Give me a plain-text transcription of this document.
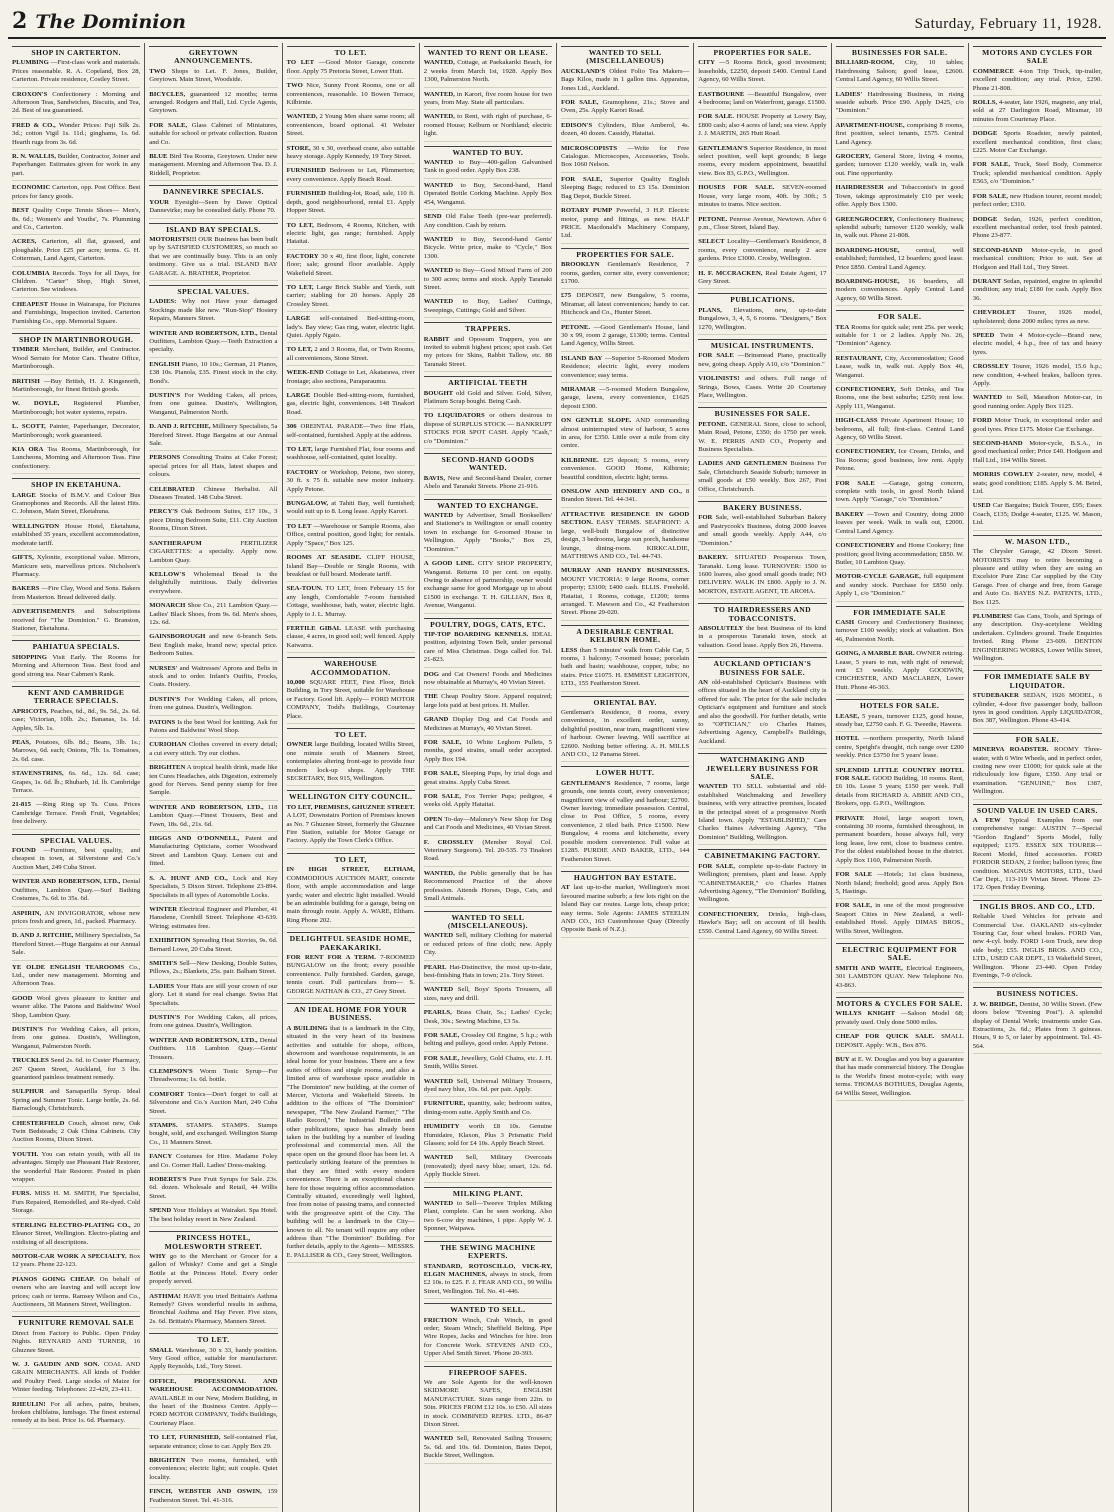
2 The Dominion	Saturday, February 11, 1928.
SHOP IN CARTERTON.
PLUMBING —First-class work and materials. Prices reasonable. R. A. Copeland, Box 28, Carterton. Private residence, Costley Street.
CROXON'S Confectionery : Morning and Afternoon Teas, Sandwiches, Biscuits, and Tea, 2d. Best of tea guaranteed.
FRED & CO., Wonder Prices: Fuji Silk 2s. 3d.; cotton Vigil 1s. 11d.; ginghams, 1s. 6d. Hearth rugs from 3s. 6d.
R. N. WALLIS, Builder, Contractor, Joiner and Paperhanger. Estimates given for work in any part.
ECONOMIC Carterton, opp. Post Office. Best prices for fancy goods.
BEST Quality Crepe Tennis Shoes— Men's, 8s. 6d.; Women's and Youths', 7s. Plumming and Co., Carterton.
ACRES, Carterton, all flat, grassed, and ploughable. Price £25 per acre; terms. G. H. Cotterman, Land Agent, Carterton.
COLUMBIA Records. Toys for all Days, for Children. "Carter" Shop, High Street, Carterton. See windows.
CHEAPEST House in Wairarapa, for Pictures and Furnishings, Inspection invited. Carterton Furnishing Co., opp. Memorial Square.
SHOP IN MARTINBOROUGH.
TIMBER Merchant, Builder, and Contractor. Wood Serrato for Motor Cars. Theatre Office, Martinborough.
BRITISH —Buy British, H. J. Kingsnorth, Martinborough, for finest British goods.
W. DOYLE, Registered Plumber, Martinborough; hot water systems, repairs.
L. SCOTT, Painter, Paperhanger, Decorator, Martinborough; work guaranteed.
KIA ORA Tea Rooms, Martinborough, for Luncheons, Morning and Afternoon Teas. Fine confectionery.
SHOP IN EKETAHUNA.
LARGE Stocks of B.M.V. and Colour Bus Gramophones and Records. All the latest Hits. C. Johnson, Main Street, Eketahuna.
WELLINGTON House Hotel, Eketahuna, established 35 years, excellent accommodation, moderate tariff.
GIFTS, Xylonite, exceptional value. Mirrors, Manicure sets, marvellous prices. Nicholson's Pharmacy.
BAKERS —Fire Clay, Wood and Sons. Bakers from Masterton. Bread delivered daily.
ADVERTISEMENTS and Subscriptions received for "The Dominion." G. Branston, Stationer, Eketahuna.
PAHIATUA SPECIALS.
SHOPPING Visit Early. The Rooms for Morning and Afternoon Teas. Best food and good strong tea. Near Cabmen's Rank.
KENT AND CAMBRIDGE TERRACE SPECIALS.
APRICOTS, Peaches, 6d., 8d., 9s. 5d., 2s. 6d. case; Victorian, 10lb. 2s.; Bananas, 1s. 1d. Apples, 5lb. 1s.
PEAS, Potatoes, 6lb. 8d.; Beans, 3lb. 1s.; Marrows, 6d. each; Onions, 7lb. 1s. Tomatoes, 2s. 6d. case.
STAVENSTRINS, 6s. 6d., 12s. 6d. case; Grapes, 1s. 6d. lb.; Rhubarb, 1d. lb. Cambridge Terrace.
21-815 —Ring Ring up Ts. Cuss. Prices Cambridge Terrace. Fresh Fruit, Vegetables; free delivery.
SPECIAL VALUES.
FOUND —Furniture, best quality, and cheapest in town, at Silverstone and Co.'s Auction Mart, 249 Cuba Street.
WINTER AND ROBERTSON, LTD., Dental Outfitters, Lambton Quay.—Surf Bathing Costumes, 7s. 6d. to 35s. 6d.
ASPIRIN, AN INVIGORATOR, whose new prices fresh and green, 1d., packed. Pharmacy.
D. AND J. RITCHIE, Millinery Specialists, 5a Hereford Street.—Huge Bargains at our Annual Sale.
YE OLDE ENGLISH TEAROOMS Co., Ltd., under new management. Morning and Afternoon Teas.
GOOD Wool gives pleasure to knitter and wearer alike. The Patons and Baldwins' Wool Shop, Lambton Quay.
DUSTIN'S For Wedding Cakes, all prices, from one guinea. Dustin's, Wellington, Wanganui, Palmerston North.
TRUCKLES Send 2s. 6d. to Custer Pharmacy, 267 Queen Street, Auckland, for 3 lbs. guaranteed painless treatment remedy.
SULPHUR and Sarsaparilla Syrup. Ideal Spring and Summer Tonic. Large bottle, 2s. 6d. Barraclough, Christchurch.
CHESTERFIELD Couch, almost new, Oak Twin Bedsteads; 2 Oak China Cabinets. City Auction Rooms, Dixon Street.
YOUTH. You can retain youth, with all its advantages. Simply use Pheasant Hair Restorer, the wonderful Hair Restorer. Posted in plain wrapper.
FURS. MISS H. M. SMITH, Fur Specialist, Furs Repaired, Remodelled, and Re-dyed. Cold Storage.
STERLING ELECTRO-PLATING CO., 20 Eleanor Street, Wellington. Electro-plating and oxidising of all descriptions.
MOTOR-CAR WORK A SPECIALTY. Box 12 years. Phone 22-123.
PIANOS GOING CHEAP. On behalf of owners who are leaving and will accept low prices; cash or terms. Ramsey Wilson and Co., Auctioneers, 38 Manners Street, Wellington.
FURNITURE REMOVAL SALE
Direct from Factory to Public. Open Friday Nights. REYNARD AND TURNER, 16 Ghuznee Street.
W. J. GAUDIN AND SON. COAL AND GRAIN MERCHANTS. All kinds of Fodder and Poultry Feed. Large stocks of Maize for Winter feeding. Telephones: 22-429, 23-411.
RHEULIN! For all aches, pains, bruises, broken chilblains, lumbago. The finest external remedy at its best. Price 1s. 6d. Pharmacy.
GREYTOWN ANNOUNCEMENTS.
TWO Shops to Let. F. Jones, Builder, Greytown. Main Street, Woodside.
BICYCLES, guaranteed 12 months; terms arranged. Rodgers and Hall, Ltd. Cycle Agents, Greytown.
FOR SALE, Glass Cabinet of Miniatures, suitable for school or private collection. Ruston and Co.
BLUE Bird Tea Rooms, Greytown. Under new management. Morning and Afternoon Tea. D. J. Riddell, Proprietor.
DANNEVIRKE SPECIALS.
YOUR Eyesight—Seen by Dawe Optical Dannevirke; may be consulted daily. Phone 70.
ISLAND BAY SPECIALS.
MOTORISTS!!! OUR Business has been built up by SATISFIED CUSTOMERS, so much so that we are continually busy. This is an only testimony. Give us a trial. ISLAND BAY GARAGE. A. BRATHER, Proprietor.
SPECIAL VALUES.
LADIES: Why not Have your damaged Stockings made like new. "Run-Stop" Hosiery Repairs, Manners Street.
WINTER AND ROBERTSON, LTD., Dental Outfitters, Lambton Quay.—Teeth Extraction a specialty.
ENGLISH Piano, 10 10s.; German, 21 Pianos, £38 10s. Pianola, £35. Finest stock in the city. Bond's.
DUSTIN'S For Wedding Cakes, all prices, from one guinea. Dustin's, Wellington, Wanganui, Palmerston North.
D. AND J. RITCHIE, Millinery Specialists, 5a Hereford Street. Huge Bargains at our Annual Sale.
PERSONS Consulting Trains at Cake Forest; special prices for all Hats, latest shapes and colours.
CELEBRATED Chinese Herbalist. All Diseases Treated. 148 Cuba Street.
PERCY'S Oak Bedroom Suites, £17 10s., 3 piece Dining Bedroom Suite, £11. City Auction Rooms, Dixon Street.
SANTHERAPUM	FERTILIZER CIGARETTES: a specialty. Apply now. Lambton Quay.
KELLOW'S Wholemeal Bread is the delightfully nutritious. Daily deliveries everywhere.
MONARCH Shoe Co., 211 Lambton Quay.—Ladies' Black Shoes, from 9s. 6d. Men's shoes, 12s. 6d.
GAINSBOROUGH and new 6-branch Sets. Best English make, brand new; special price. Bedroom Suites.
NURSES' and Waitresses' Aprons and Belts in stock and to order. Infant's Outfits, Frocks, Coats. Hosiery.
DUSTIN'S For Wedding Cakes, all prices, from one guinea. Dustin's, Wellington.
PATONS Is the best Wool for knitting. Ask for Patons and Baldwins' Wool Shop.
CURIOHAN Clothes covered in every detail; a cut every stitch. Try our clothes.
BRIGHTEN A tropical health drink, made like ten Cures Headaches, aids Digestion, extremely good for Nerves. Send penny stamp for free Sample.
WINTER AND ROBERTSON, LTD., 118 Lambton Quay.—Finest Trousers, Best and Fawn, 18s. 6d., 21s. 6d.
HIGGS AND O'DONNELL, Patent and Manufacturing Opticians, corner Woodward Street and Lambton Quay. Lenses cut and fitted.
S. A. HUNT AND CO., Lock and Key Specialists, 5 Dixon Street. Telephone 23-894. Specialists in all types of Automobile Locks.
WINTER Electrical Engineer and Plumber, 41 Hansdene, Cornhill Street. Telephone 43-639. Wiring; estimates free.
EXHIBITION Spreading Heat Stovies, 9s. 6d. Bernard Lowe, 20 Cuba Street.
SMITH'S Sell—New Desking, Double Suites, Pillows, 2s.; Blankets, 25s. pair. Balham Street.
LADIES Your Hats are still your crown of our glory. Let it stand for real change. Swiss Hat Specialists.
DUSTIN'S For Wedding Cakes, all prices, from one guinea. Dustin's, Wellington.
WINTER AND ROBERTSON, LTD., Dental Outfitters. 118 Lambton Quay.—Gents' Trousers.
CLEMPSON'S Worm Tonic Syrup—For Threadworms; 1s. 6d. bottle.
COMFORT Tonics—Don't forget to call at Silverstone and Co.'s Auction Mart, 249 Cuba Street.
STAMPS. STAMPS. STAMPS. Stamps bought, sold, and exchanged. Wellington Stamp Co., 11 Manners Street.
FANCY Costumes for Hire. Madame Foley and Co. Corner Hall. Ladies' Dress-making.
ROBERTS'S Pure Fruit Syrups for Sale. 23s. 6d. dozen. Wholesale and Retail, 44 Willis Street.
SPEND Your Holidays at Wairakei. Spa Hotel. The best holiday resort in New Zealand.
PRINCESS HOTEL, MOLESWORTH STREET.
WHY go to the Merchant or Grocer for a gallon of Whisky? Come and get a Single Bottle at the Princess Hotel. Every order properly served.
ASTHMA! HAVE you tried Brittain's Asthma Remedy? Gives wonderful results in asthma, Bronchial Asthma and Hay Fever. Five sizes, 2s. 6d. Brittain's Pharmacy, Manners Street.
TO LET.
SMALL Warehouse, 30 x 33, handy position. Very Good office, suitable for manufacturer. Apply Reynolds, Ltd., Tory Street.
OFFICE, PROFESSIONAL AND WAREHOUSE ACCOMMODATION. AVAILABLE in our New, Modern Building, in the heart of the Business Centre. Apply— FORD MOTOR COMPANY, Todd's Buildings, Courtenay Place.
TO LET, FURNISHED, Self-contained Flat, separate entrance; close to car. Apply Box 29.
BRIGHTEN Two rooms, furnished, with conveniences; electric light; suit couple. Quiet locality.
FINCH, WEBSTER AND OSWIN, 159 Featherston Street. Tel. 41-316.
TO LET.
TO LET —Good Motor Garage, concrete floor. Apply 75 Pretoria Street, Lower Hutt.
TWO Nice, Sunny Front Rooms, one or all conveniences, reasonable. 10 Bowen Terrace, Kilbirnie.
WANTED, 2 Young Men share same room; all conveniences, board optional. 41 Webster Street.
STORE, 30 x 30, overhead crane, also suitable heavy storage. Apply Kennedy, 19 Tory Street.
FURNISHED Bedroom to Let, Plimmerton; every convenience. Apply Beach Road.
FURNISHED Building-lot, Road, sale, 110 ft. depth, good neighbourhood, rental £1. Apply Hopper Street.
TO LET, Bedroom, 4 Rooms, Kitchen, with electric light, gas range; furnished. Apply Hataitai.
FACTORY 30 x 40, first floor, light, concrete floor; sale; ground floor available. Apply Wakefield Street.
TO LET, Large Brick Stable and Yards, suit carrier; stabling for 20 horses. Apply 28 Crossley Street.
LARGE self-contained Bed-sitting-room, lady's. Bay view; Gas ring, water, electric light. Quiet. Apply Ngaio.
TO LET, 2 and 3 Rooms, flat, or Twin Rooms, all conveniences, Stone Street.
WEEK-END Cottage to Let, Akatarawa, river frontage; also sections, Paraparaumu.
LARGE Double Bed-sitting-room, furnished, gas, electric light, conveniences. 148 Tinakori Road.
306 OREINTAL PARADE—Two fine Flats, self-contained, furnished. Apply at the address.
TO LET, large Furnished Flat, four rooms and washhouse, self-contained, quiet locality.
FACTORY or Workshop, Petone, two storey, 30 ft. x 75 ft. suitable new motor industry. Apply Petone.
BUNGALOW, at Tahiti Bay, well furnished; would suit up to 8. Long lease. Apply Karori.
TO LET —Warehouse or Sample Rooms, also Office, central position, good light; for rentals. Apply "Space," Box 125.
ROOMS AT SEASIDE. CLIFF HOUSE, Island Bay—Double or Single Rooms, with breakfast or full board. Moderate tariff.
SEA-TOUN. TO LET, from February 15 for any length, Comfortable 7-room furnished Cottage, washhouse, bath, water, electric light. Apply to J. L. Murray.
FERTILE GIBAL LEASE with purchasing clause, 4 acres, in good soil; well fenced. Apply Kaiwarra.
WAREHOUSE ACCOMMODATION.
10,000 SQUARE FEET, First Floor, Brick Building, in Tory Street, suitable for Warehouse or Factory. Good lift. Apply— FORD MOTOR COMPANY, Todd's Buildings, Courtenay Place.
TO LET.
OWNER large Building, located Willis Street, one minute south of Manners Street, contemplates altering front-age to provide four modern lock-up shops. Apply THE SECRETARY, Box 915, Wellington.
WELLINGTON CITY COUNCIL.
TO LET, PREMISES, GHUZNEE STREET. A LOT, Downstairs Portion of Premises known as No. 7 Ghuznee Street, formerly the Ghuznee Fire Station, suitable for Motor Garage or Factory. Apply the Town Clerk's Office.
TO LET,
IN HIGH STREET, ELTHAM, COMMODIOUS AUCTION MART, concrete floor, with ample accommodation and large yards; water and electric light installed. Would be an admirable building for a garage, being on main through route. Apply A. WARE, Eltham. Ring Phone 202.
DELIGHTFUL SEASIDE HOME, PAEKAKARIKI.
FOR RENT FOR A TERM. 7-ROOMED BUNGALOW on the front; every possible convenience. Fully furnished. Garden, garage, tennis court. Full particulars from— S. GEORGE NATHAN & CO., 27 Grey Street.
AN IDEAL HOME FOR YOUR BUSINESS.
A BUILDING that is a landmark in the City, situated in the very heart of its business activities and suitable for shops, offices, showroom and warehouse requirements, is an ideal home for your business. There are a few suites of offices and single rooms, and also a limited area of warehouse space available in "The Dominion" new building, at the corner of Mercer, Victoria and Wakefield Streets. In addition to the offices of "The Dominion" newspaper, "The New Zealand Farmer," "The Radio Record," The Industrial Bulletin and other publications, space has already been taken in the building by a number of leading professional and commercial men. All the space open on the ground floor has been let. A particularly striking feature of the premises is that they are fitted with every modern convenience. There is an exceptional chance here for those requiring office accommodation. Centrally situated, exceedingly well lighted, free from noise of passing trams, and connected with the progressive spirit of the City. The building will be a landmark in the City—known to all. No tenant will require any other address than "The Dominion" Building. For further details, apply to the Agents— MESSRS. E. PALLISER & CO., Grey Street, Wellington.
WANTED TO RENT OR LEASE.
WANTED, Cottage, at Paekakariki Beach, for 2 weeks from March 1st, 1928. Apply Box 1300, Palmerston North.
WANTED, in Karori, five room house for two years, from May. State all particulars.
WANTED, to Rent, with right of purchase, 6-roomed House; Kelburn or Northland; electric light.
WANTED TO BUY.
WANTED to Buy—400-gallon Galvanised Tank in good order. Apply Box 238.
WANTED to Buy, Second-hand, Hand Operated Bottle Corking Machine. Apply Box 454, Wanganui.
SEND Old False Teeth (pre-war preferred). Any condition. Cash by return.
WANTED to Buy, Second-hand Gents' Bicycle. Write price, make to "Cycle," Box 1300.
WANTED to Buy—Good Mixed Farm of 200 to 300 acres; terms and stock. Apply Taranaki Street.
WANTED to Buy, Ladies' Cuttings, Sweepings, Cuttings; Gold and Silver.
TRAPPERS.
RABBIT and Opossum Trappers, you are invited to submit highest prices; spot cash. Get my prices for Skins, Rabbit Tallow, etc. 88 Taranaki Street.
ARTIFICIAL TEETH
BOUGHT old Gold and Silver. Gold, Silver, Platinum Scrap bought. Being Cash.
TO LIQUIDATORS or others desirous to dispose of SURPLUS STOCK — BANKRUPT STOCKS FOR SPOT CASH. Apply "Cash," c/o "Dominion."
SECOND-HAND GOODS WANTED.
BAVIS, New and Second-hand Dealer, corner Abelo and Taranaki Streets. Phone 21-916.
WANTED TO EXCHANGE.
WANTED by Advertiser, Small Booksellers' and Stationer's in Wellington or small country town in exchange for 6-roomed House in Wellington. Apply "Books," Box 25, "Dominion."
A GOOD LINE. CITY SHOP PROPERTY, Wanganui. Returns 10 per cent. on equity. Owing to absence of partnership, owner would exchange same for good Mortgage up to about £1500 in exchange. T. H. GILLIAN, Box 8, Avenue, Wanganui.
POULTRY, DOGS, CATS, ETC.
TIP-TOP BOARDING KENNELS. IDEAL position, adjoining Town Belt, under personal care of Miss Christmas. Dogs called for. Tel. 21-823.
DOG and Cat Owners! Foods and Medicines now obtainable at Murray's, 40 Vivian Street.
THE Cheap Poultry Store. Apparel required; large lots paid at best prices. H. Muller.
GRAND Display Dog and Cat Foods and Medicines at Murray's, 40 Vivian Street.
FOR SALE, 10 White Leghorn Pullets, 5 months, good strains, small order accepted. Apply Box 194.
FOR SALE, Sleeping Pups, by trial dogs and great strains. Apply Cuba Street.
FOR SALE, Fox Terrier Pups; pedigree, 4 weeks old. Apply Hataitai.
OPEN To-day—Maloney's New Shop for Dog and Cat Foods and Medicines, 40 Vivian Street.
F. CROSSLEY (Member Royal Col. Veterinary Surgeons). Tel. 20-535. 73 Tinakori Road.
WANTED, the Public generally that he has Recommenced Practice of the above profession. Attends Horses, Dogs, Cats, and Small Animals.
WANTED TO SELL (MISCELLANEOUS).
WANTED Sell, military Clothing for material or reduced prices of fine cloth; new. Apply City.
PEARL Hat-Distinctive, the most up-to-date, best-finishing Hats in town; 21s. Tory Street.
WANTED Sell, Boys' Sports Trousers, all sizes, navy and drill.
PEARLS, Brass Chair, 5s.; Ladies' Cycle; Desk, 30s.; Sewing Machine, £3 5s.
FOR SALE, Crossley Oil Engine, 5 h.p.; with belting and pulleys, good order. Apply Petone.
FOR SALE, Jewellery, Gold Chains, etc. J. H. Smith, Willis Street.
WANTED Sell, Universal Military Trousers, dyed navy blue, 10s. 6d. per pair. Apply.
FURNITURE, quantity, sale; bedroom suites, dining-room suite. Apply Smith and Co.
HUMIDITY worth £8 10s. Genuine Humidaire, Klaxon, Plus 3 Prismatic Field Glasses; sold for £4 10s. Apply Beach Street.
WANTED Sell, Military Overcoats (renovated); dyed navy blue; smart, 12s. 6d. Apply Buckle Street.
MILKING PLANT.
WANTED to Sell—Tweeve Triplex Milking Plant, complete. Can be seen working. Also two 6-cow dry machines, 1 pipe. Apply W. J. Sponner, Waipawa.
THE SEWING MACHINE EXPERTS.
STANDARD, ROTOSCILLO, VICK-RY, ELGIN MACHINES, always in stock, from £2 10s. to £25. F. J. FEAR AND CO., 99 Willis Street, Wellington. Tel. No. 41-446.
WANTED TO SELL.
FRICTION Winch, Crab Winch, in good order; Steam Winch; Sheffield Belting. Pipe Wire Ropes, Jacks and Winches for hire. Iron for Concrete Work. STEVENS AND CO., Upper Abel Smith Street. 'Phone 20-393.
FIREPROOF SAFES.
We are Sole Agents for the well-known SKIDMORE SAFES, ENGLISH MANUFACTURE. Sizes range from 22in. to 50in. PRICES FROM £12 10s. to £50. All sizes in stock. COMBINED REFRS. LTD., 86-87 Dixon Street.
WANTED Sell, Renovated Sailing Trousers; 5s. 6d. and 10s. 6d. Dominion, Bates Depot, Buckle Street, Wellington.
WANTED TO SELL (MISCELLANEOUS)
AUCKLAND'S Oldest Folio Tea Makers—Bags Kilos, made in 1 gallon tins. Apparatus, Jones Ltd., Auckland.
FOR SALE, Gramophone, 21s.; Stove and Oven, 25s. Apply Karori Road.
EDISON'S Cylinders, Blue Amberol, 4s. dozen, 40 dozen. Cassidy, Hataitai.
MICROSCOPISTS —Write for Free Catalogue. Microscopes, Accessories, Tools. Box 1060 Nelson.
FOR SALE, Superior Quality English Sleeping Bags; reduced to £3 15s. Dominion Bag Depot, Buckle Street.
ROTARY PUMP Powerful, 3 H.P. Electric motor, pump and fittings, as new. HALF PRICE. Macdonald's Machinery Company, Ltd.
PROPERTIES FOR SALE.
BROOKLYN Gentleman's Residence, 7 rooms, garden, corner site, every convenience; £1700.
£75 DEPOSIT, new Bungalow, 5 rooms, Miramar, all latest conveniences; handy to car. Hitchcock and Co., Hunter Street.
PETONE. —Good Gentleman's House, land 30 x 99, room 2 garage, £1300; terms. Central Land Agency, Willis Street.
ISLAND BAY —Superior 5-Roomed Modern Residence; electric light, every modern convenience; easy terms.
MIRAMAR —5-roomed Modern Bungalow, garage, lawns, every convenience, £1625 deposit £300.
ON GENTLE SLOPE. AND commanding almost uninterrupted view of harbour, 5 acres in area, for £350. Little over a mile from city centre.
KILBIRNIE. £25 deposit; 5 rooms, every convenience. GOOD Home, Kilbirnie; beautiful condition, electric light; terms.
ONSLOW AND HENDREY AND CO., 8 Brandon Street. Tel. 44-341.
ATTRACTIVE RESIDENCE IN GOOD SECTION. EASY TERMS. SEAFRONT: A large, well-built Bungalow of distinctive design, 3 bedrooms, large sun porch, handsome lounge, dining-room. KIRKCALDIE, MATTHEWS AND CO., Tel. 44-743.
MURRAY AND HANDY BUSINESSES. MOUNT VICTORIA: 9 large Rooms, corner property; £3100; £400 cash. ELLIS. Freehold. Hataitai, 1 Rooms, cottage, £1200; terms arranged. T. Mawson and Co., 42 Featherston Street. Phone 29-020.
A DESIRABLE CENTRAL KELBURN HOME.
LESS than 5 minutes' walk from Cable Car, 5 rooms, 1 balcony; 7-roomed house; porcelain bath and basin; washhouse, copper, tubs; no stairs. Price £1075. H. EMMEST LEIGHTON, LTD., 155 Featherston Street.
ORIENTAL BAY.
Gentleman's Residence, 8 rooms, every convenience, in excellent order, sunny, delightful position, near tram, magnificent view of harbour. Owner leaving. Will sacrifice at £2600. Nothing better offering. A. H. MILLS AND CO., 12 Panama Street.
LOWER HUTT.
GENTLEMAN'S Residence, 7 rooms, large grounds, one tennis court, every convenience; magnificent view of valley and harbour; £2700. Owner leaving; immediate possession. Central, close to Post Office, 5 rooms, every convenience, 2 tiled bath. Price £1500. New Bungalow, 4 rooms and kitchenette, every possible modern convenience. Full value at £1285. PURDIE AND BAKER, LTD., 144 Featherston Street.
HAUGHTON BAY ESTATE.
AT last up-to-the market, Wellington's most favoured marine suburb; a few lots right on the Island Bay car routes. Large lots, cheap price; easy terms. Sole Agents: JAMES STEELIN AND CO., 163 Customhouse Quay (Directly Opposite Bank of N.Z.).
PROPERTIES FOR SALE.
CITY —5 Rooms Brick, good investment; leaseholds, £2250, deposit £400. Central Land Agency, 60 Willis Street.
EASTBOURNE —Beautiful Bungalow, over 4 bedrooms; land on Waterfront, garage. £1500.
FOR SALE. HOUSE Property at Lowry Bay, £800 cash; also 4 acres of land; sea view. Apply J. J. MARTIN, 265 Hutt Road.
GENTLEMAN'S Superior Residence, in most select position, well kept grounds; 8 large rooms, every modern appointment, beautiful view. Box 83, G.P.O., Wellington.
HOUSES FOR SALE. SEVEN-roomed House, very large room, 40ft. by 30ft.; 5 minutes to trams. Nice section.
PETONE. Penrose Avenue, Newtown. After 6 p.m., Close Street, Island Bay.
SELECT Locality—Gentleman's Residence, 8 rooms, every convenience, nearly 2 acre gardens. Price £3000. Crosby, Wellington.
H. F. MCCRACKEN, Real Estate Agent, 17 Grey Street.
PUBLICATIONS.
PLANS, Elevations, new, up-to-date Bungalows, 3, 4, 5, 6 rooms. "Designers," Box 1270, Wellington.
MUSICAL INSTRUMENTS.
FOR SALE —Brinsmead Piano, practically new, going cheap. Apply A10, c/o "Dominion."
VIOLINISTS! and others. Full range of Strings, Bows, Cases. Write 20 Courtenay Place, Wellington.
BUSINESSES FOR SALE.
PETONE. GENERAL Store, close to school, Main Road, Petone, £350; do 1750 per week. W. E. PERRIS AND CO., Property and Business Specialists.
LADIES AND GENTLEMEN Business For Sale, Christchurch Seaside Suburb; turnover in small goods at £50 weekly. Box 267, Post Office, Christchurch.
BAKERY BUSINESS.
FOR Sale, well-established Suburban Bakery and Pastrycook's Business, doing 2000 loaves and small goods weekly. Apply A44, c/o "Dominion."
BAKERY. SITUATED Prosperous Town, Taranaki. Long lease. TURNOVER: 1500 to 1600 loaves, also good small goods trade; NO DELIVERY. WALK IN £800. Apply to J. N. MORTON, ESTATE AGENT, TE AROHA.
TO HAIRDRESSERS AND TOBACCONISTS.
ABSOLUTELY the best Business of its kind in a prosperous Taranaki town, stock at valuation. Good lease. Apply Box 26, Hawera.
AUCKLAND OPTICIAN'S BUSINESS FOR SALE.
AN old-established Optician's Business with offices situated in the heart of Auckland city is offered for sale. The price for the sale includes Optician's equipment and furniture and stock and also the goodwill. For further details, write to "OPTICIAN," c/o Charles Haines, Advertising Agency, Campbell's Buildings, Auckland.
WATCHMAKING AND JEWELLERY BUSINESS FOR SALE.
WANTED TO SELL substantial and old-established Watchmaking and Jewellery business, with very attractive premises, located in the principal street of a progressive North Island town. Apply "ESTABLISHED," Care Charles Haines Advertising Agency, "The Dominion" Building, Wellington.
CABINETMAKING FACTORY.
FOR SALE, complete up-to-date Factory in Wellington; premises, plant and lease. Apply "CABINETMAKER," c/o Charles Haines Advertising Agency, "The Dominion" Building, Wellington.
CONFECTIONERY, Drinks, high-class, Hawke's Bay; sell on account of ill health. £550. Central Land Agency, 60 Willis Street.
BUSINESSES FOR SALE.
BILLIARD-ROOM, City, 10 tables; Hairdressing Saloon; good lease, £2600. Central Land Agency, 60 Willis Street.
LADIES' Hairdressing Business, in rising seaside suburb. Price £90. Apply D425, c/o "Dominion."
APARTMENT-HOUSE, comprising 8 rooms, first position, select tenants, £575. Central Land Agency.
GROCERY, General Store, living 4 rooms, garden; turnover £120 weekly, walk in, walk out. Fine opportunity.
HAIRDRESSER and Tobacconist's in good Town, takings approximately £10 per week; offer. Apply Box 1300.
GREENGROCERY, Confectionery Business; splendid suburb; turnover £120 weekly, walk in, walk out. Phone 21-808.
BOARDING-HOUSE, central, well established; furnished, 12 boarders; good lease. Price £850. Central Land Agency.
BOARDING-HOUSE, 16 boarders, all modern conveniences. Apply Central Land Agency, 60 Willis Street.
FOR SALE.
TEA Rooms for quick sale; rent 25s. per week; suitable for 1 or 2 ladies. Apply No. 26, "Dominion" Agency.
RESTAURANT, City, Accommodation; Good Lease, walk in, walk out. Apply Box 46, Wanganui.
CONFECTIONERY, Soft Drinks, and Tea Rooms, one the best suburbs; £250; rent low. Apply 111, Wanganui.
HIGH-CLASS Private Apartment House; 10 bedrooms, all full; first-class. Central Land Agency, 60 Willis Street.
CONFECTIONERY, Ice Cream, Drinks, and Tea Rooms; good business, low rent. Apply Petone.
FOR SALE —Garage, going concern, complete with tools, in good North Island town. Apply "Garage," c/o "Dominion."
BAKERY —Town and Country, doing 2000 loaves per week. Walk in walk out, £2000. Central Land Agency.
CONFECTIONERY and Home Cookery; fine position; good living accommodation; £850. W. Butler, 10 Lambton Quay.
MOTOR-CYCLE GARAGE, full equipment and sundry stock. Purchase for £850 only. Apply 1, c/o "Dominion."
FOR IMMEDIATE SALE
CASH Grocery and Confectionery Business; turnover £100 weekly; stock at valuation. Box 46, Palmerston North.
GOING, A MARBLE BAR. OWNER retiring. Lease, 5 years to run, with right of renewal; rent £3 weekly. Apply GOODWIN, CHICHESTER, AND MACLAREN, Lower Hutt. Phone 46-363.
HOTELS FOR SALE.
LEASE, 5 years, turnover £125, good house, steady bar, £2750 cash. F. G. Tweedie, Hawera.
HOTEL —northern prosperity, North Island centre, Speight's draught, rich range over £200 weekly. Price £3750 for 5 years' lease.
SPLENDID LITTLE COUNTRY HOTEL FOR SALE. GOOD Building, 10 rooms. Rent, £6 10s. Lease 5 years; £150 per week. Full details from RICHARD A. ABBIE AND CO., Brokers, opp. G.P.O., Wellington.
PRIVATE Hotel, large seaport town, containing 30 rooms, furnished throughout, in permanent boarders, house always full, very long lease, low rent, close to business centre. For the oldest established house in the district. Apply Box 1160, Palmerston North.
FOR SALE —Hotels; 1st class business, North Island; freehold; good area. Apply Box 5, Hastings.
FOR SALE, in one of the most progressive Seaport Cities in New Zealand, a well-established Hotel. Apply DIMAS BROS., Willis Street, Wellington.
ELECTRIC EQUIPMENT FOR SALE.
SMITH AND WAITE, Electrical Engineers, 301 LAMBTON QUAY. New Telephone No. 43-863.
MOTORS & CYCLES FOR SALE.
WILLYS KNIGHT —Saloon Model 68; privately used. Only done 5000 miles.
CHEAP FOR QUICK SALE. SMALL DEPOSIT. Apply: W.B., Box 876.
BUY at E. W. Douglas and you buy a guarantee that has made commercial history. The Douglas is the World's finest motor-cycle; with easy terms. THOMAS BOTHUES, Douglas Agents, 64 Willis Street, Wellington.
MOTORS AND CYCLES FOR SALE
COMMERCE 4-ton Trip Truck, tip-trailer, excellent condition; any trial. Price, £290. Phone 21-808.
ROLLS, 4-seater, late 1926, magneto, any trial, sold at 27 Darlington Road, Miramar, 10 minutes from Courtenay Place.
DODGE Sports Roadster, newly painted, excellent mechanical condition, first class; £225. Motor Car Exchange.
FOR SALE, Truck, Steel Body, Commerce Truck; splendid mechanical condition. Apply E563, c/o "Dominion."
FOR SALE, new Hudson tourer, recent model; perfect order; £310.
DODGE Sedan, 1926, perfect condition, excellent mechanical order, tool fresh painted. Phone 23-877.
SECOND-HAND Motor-cycle, in good mechanical condition; Price to suit. See at Hodgson and Hall Ltd., Tory Street.
DURANT Sedan, repainted, engine in splendid condition; any trial; £180 for cash. Apply Box 36.
CHEVROLET Tourer, 1926 model, upholstered; done 2000 miles; tyres as new.
SPEED Twin 4 Motor-cycle—Brand new, electric model, 4 h.p., free of tax and heavy tyres.
CROSSLEY Tourer, 1926 model, 15.6 h.p.; new condition, 4-wheel brakes, balloon tyres. Apply.
WANTED to Sell, Marathon Motor-car, in good running order. Apply Box 1125.
FORD Motor Truck, in exceptional order and good tyres. Price £175. Motor Car Exchange.
SECOND-HAND Motor-cycle, B.S.A., in good mechanical order; Price £40. Hodgson and Hall Ltd., 164 Willis Street.
MORRIS COWLEY 2-seater, new, model, 4 seats; good condition; £185. Apply S. M. Beird, Ltd.
USED Car Bargains; Buick Tourer, £95; Essex Coach, £135; Dodge 4-seater, £125. W. Mason, Ltd.
W. MASON LTD.,
The Chrysler Garage, 42 Dixon Street. MOTORISTS may to retire becoming a pleasure and utility when they are using an Excelsior Pure Zinc Car supplied by the City Garage. Free of charge and free, from Garage and Auto Co. BAYES N.Z. PATENTS, LTD., Box 1125.
PLUMBERS! Gas Cans, Tools, and Springs of any description. Oxy-acetylene Welding undertaken. Cylinders ground. Trade Enquiries Invited. Ring Phone 23-609. DENTON ENGINEERING WORKS, Lower Willis Street, Wellington.
FOR IMMEDIATE SALE BY LIQUIDATOR.
STUDEBAKER SEDAN, 1926 MODEL, 6 cylinder, 4-door five passenger body, balloon tyres in good condition. Apply LIQUIDATOR, Box 387, Wellington. Phone 43-414.
FOR SALE.
MINERVA ROADSTER. ROOMY Three-seater, with 6 Wire Wheels, and in perfect order, costing new over £1000; for quick sale at the ridiculously low figure, £350. Any trial or examination. "GENUINE," Box 1387, Wellington.
SOUND VALUE IN USED CARS.
A FEW Typical Examples from our comprehensive range: AUSTIN 7—Special "Gordon England" Sports Model, fully equipped; £175. ESSEX SIX TOURER—Recent Model, fitted accessories. FORD FORDOR SEDAN, 2 fordor; balloon tyres; fine condition. MAGNUS MOTORS, LTD., Used Car Dept., 113-119 Vivian Street. 'Phone 23-172. Open Friday Evening.
INGLIS BROS. AND CO., LTD.
Reliable Used Vehicles for private and Commercial Use. OAKLAND six-cylinder Touring Car, four wheel brakes. FORD Van, new 4-cyl. body. FORD 1-ton Truck, new drop side body; £55. INGLIS BROS. AND CO., LTD., USED CAR DEPT., 13 Wakefield Street, Wellington. 'Phone 23-440. Open Friday Evenings, 7-9 o'clock.
BUSINESS NOTICES.
J. W. BRIDGE, Dentist, 30 Willis Street. (Few doors below "Evening Post"). A splendid display of Dental Work; treatments under Gas. Extractions, 2s. 6d.; Plates from 3 guineas. Hours, 9 to 5, or later by appointment. Tel. 43-564.
